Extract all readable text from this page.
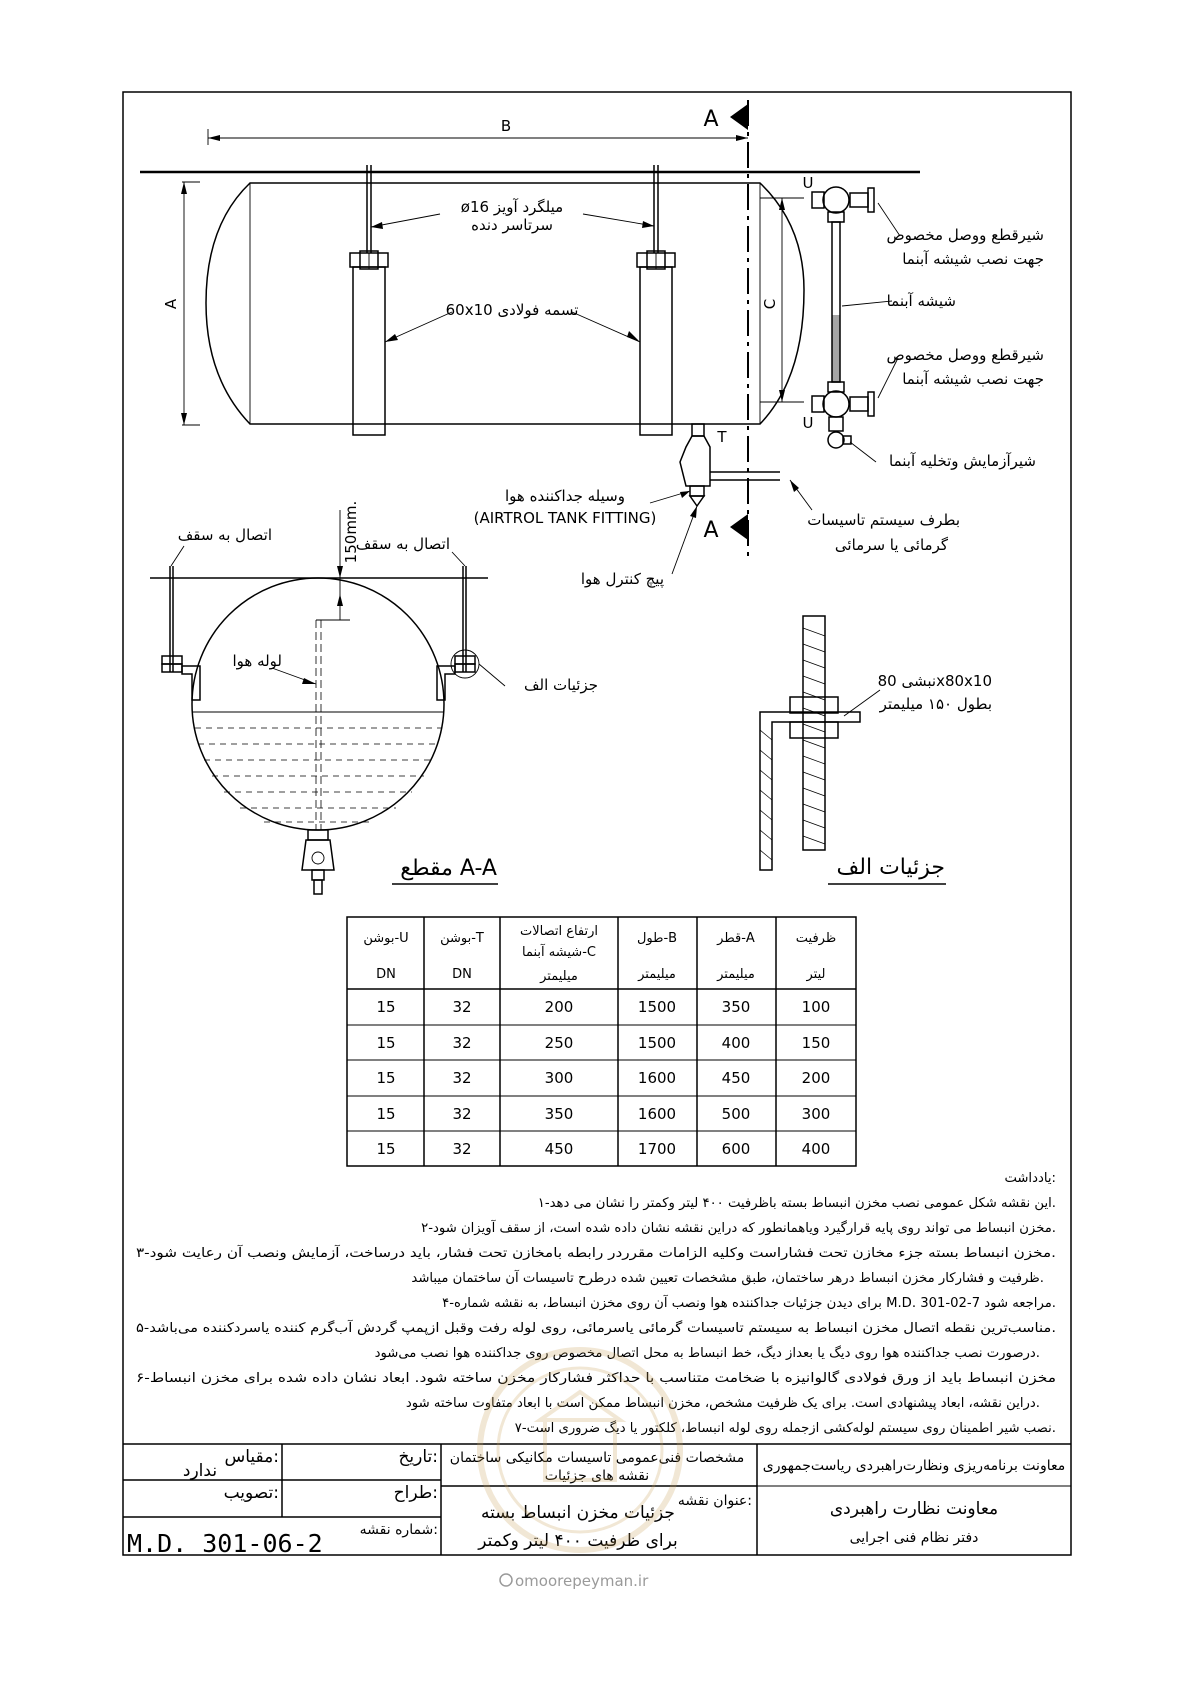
B	A
A
A
ø16 میلگرد آویز
سرتاسر دنده
60x10 تسمه فولادی
U
U
C
شیرقطع ووصل مخصوص
جهت نصب شیشه آبنما
شیشه آبنما
شیرقطع ووصل مخصوص
جهت نصب شیشه آبنما
شیرآزمایش وتخلیه آبنما
T
وسیله جداکننده هوا
(AIRTROL TANK FITTING)
پیچ کنترل هوا
بطرف سیستم تاسیسات
گرمائی یا سرمائی
اتصال به سقف	اتصال به سقف
150mm.
لوله هوا
جزئیات الف
مقطع A-A
نبشی 80x80x10
بطول ۱۵۰ میلیمتر
جزئیات الف
ظرفیت
لیتر
قطر-A
میلیمتر
طول-B
میلیمتر
ارتفاع اتصالات
شیشه آبنما-C
میلیمتر
بوشن-T
DN
بوشن-U
DN
100
350
1500
200
32
15
150
400
1500
250
32
15
200
450
1600
300
32
15
300
500
1600
350
32
15
400
600
1700
450
32
15
یادداشت:
۱-این نقشه شکل عمومی نصب مخزن انبساط بسته باظرفیت ۴۰۰ لیتر وکمتر را نشان می دهد.
۲-مخزن انبساط می تواند روی پایه قرارگیرد ویاهمانطور که دراین نقشه نشان داده شده است، از سقف آویزان شود.
۳-مخزن انبساط بسته جزء مخازن تحت فشاراست وکلیه الزامات مقرردر رابطه بامخازن تحت فشار، باید درساخت، آزمایش ونصب آن رعایت شود.
ظرفیت و فشارکار مخزن انبساط درهر ساختمان، طبق مشخصات تعیین شده درطرح تاسیسات آن ساختمان میباشد.
۴-برای دیدن جزئیات جداکننده هوا ونصب آن روی مخزن انبساط، به نقشه شماره M.D. 301-02-7 مراجعه شود.
۵-مناسب‌ترین نقطه اتصال مخزن انبساط به سیستم تاسیسات گرمائی یاسرمائی، روی لوله رفت وقبل ازپمپ گردش آب‌گرم کننده یاسردکننده می‌باشد.
درصورت نصب جداکننده هوا روی دیگ یا بعداز دیگ، خط انبساط به محل اتصال مخصوص روی جداکننده هوا نصب می‌شود.
۶-مخزن انبساط باید از ورق فولادی گالوانیزه با ضخامت متناسب با حداکثر فشارکار مخزن ساخته شود. ابعاد نشان داده شده برای مخزن انبساط
دراین نقشه، ابعاد پیشنهادی است. برای یک ظرفیت مشخص، مخزن انبساط ممکن است با ابعاد متفاوت ساخته شود.
۷-نصب شیر اطمینان روی سیستم لوله‌کشی ازجمله روی لوله انبساط، کلکتور یا دیگ ضروری است.
معاونت برنامه‌ریزی ونظارت‌راهبردی ریاست‌جمهوری
معاونت نظارت راهبردی
دفتر نظام فنی اجرایی
مشخصات فنی‌عمومی تاسیسات مکانیکی ساختمان
نقشه های جزئیات
عنوان نقشه:
جزئیات مخزن انبساط بسته
برای ظرفیت ۴۰۰ لیتر وکمتر
تاریخ:
طراح:
شماره نقشه:
مقیاس:
ندارد
تصویب:
M.D. 301-06-2
omoorepeyman.ir
